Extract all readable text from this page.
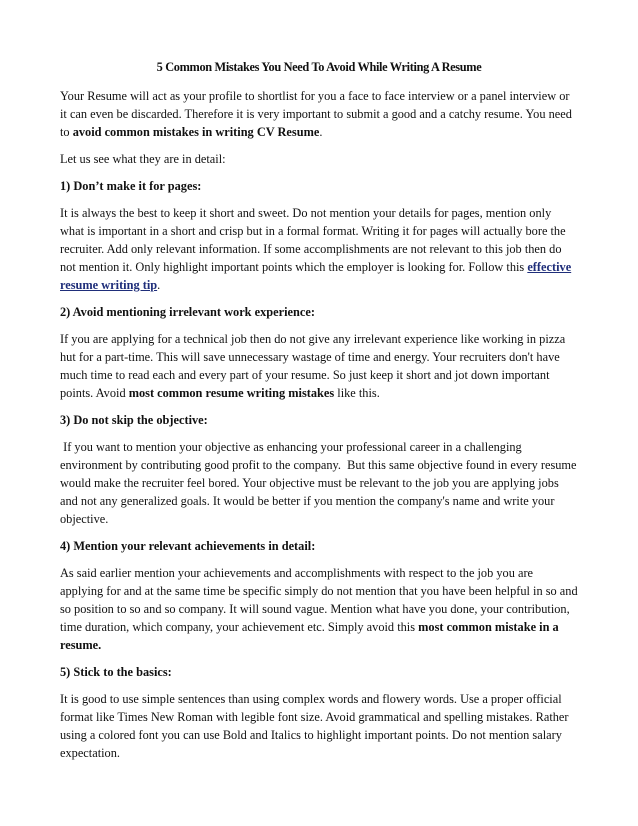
5 Common Mistakes You Need To Avoid While Writing A Resume

Your Resume will act as your profile to shortlist for you a face to face interview or a panel interview or it can even be discarded. Therefore it is very important to submit a good and a catchy resume. You need to avoid common mistakes in writing CV Resume.

Let us see what they are in detail:

1) Don’t make it for pages:

It is always the best to keep it short and sweet. Do not mention your details for pages, mention only what is important in a short and crisp but in a formal format. Writing it for pages will actually bore the recruiter. Add only relevant information. If some accomplishments are not relevant to this job then do not mention it. Only highlight important points which the employer is looking for. Follow this effective resume writing tip.

2) Avoid mentioning irrelevant work experience:

If you are applying for a technical job then do not give any irrelevant experience like working in pizza hut for a part-time. This will save unnecessary wastage of time and energy. Your recruiters don't have much time to read each and every part of your resume. So just keep it short and jot down important points. Avoid most common resume writing mistakes like this.

3) Do not skip the objective:

If you want to mention your objective as enhancing your professional career in a challenging environment by contributing good profit to the company.  But this same objective found in every resume would make the recruiter feel bored. Your objective must be relevant to the job you are applying jobs and not any generalized goals. It would be better if you mention the company's name and write your objective.

4) Mention your relevant achievements in detail:

As said earlier mention your achievements and accomplishments with respect to the job you are applying for and at the same time be specific simply do not mention that you have been helpful in so and so position to so and so company. It will sound vague. Mention what have you done, your contribution, time duration, which company, your achievement etc. Simply avoid this most common mistake in a resume.

5) Stick to the basics:

It is good to use simple sentences than using complex words and flowery words. Use a proper official format like Times New Roman with legible font size. Avoid grammatical and spelling mistakes. Rather using a colored font you can use Bold and Italics to highlight important points. Do not mention salary expectation.
